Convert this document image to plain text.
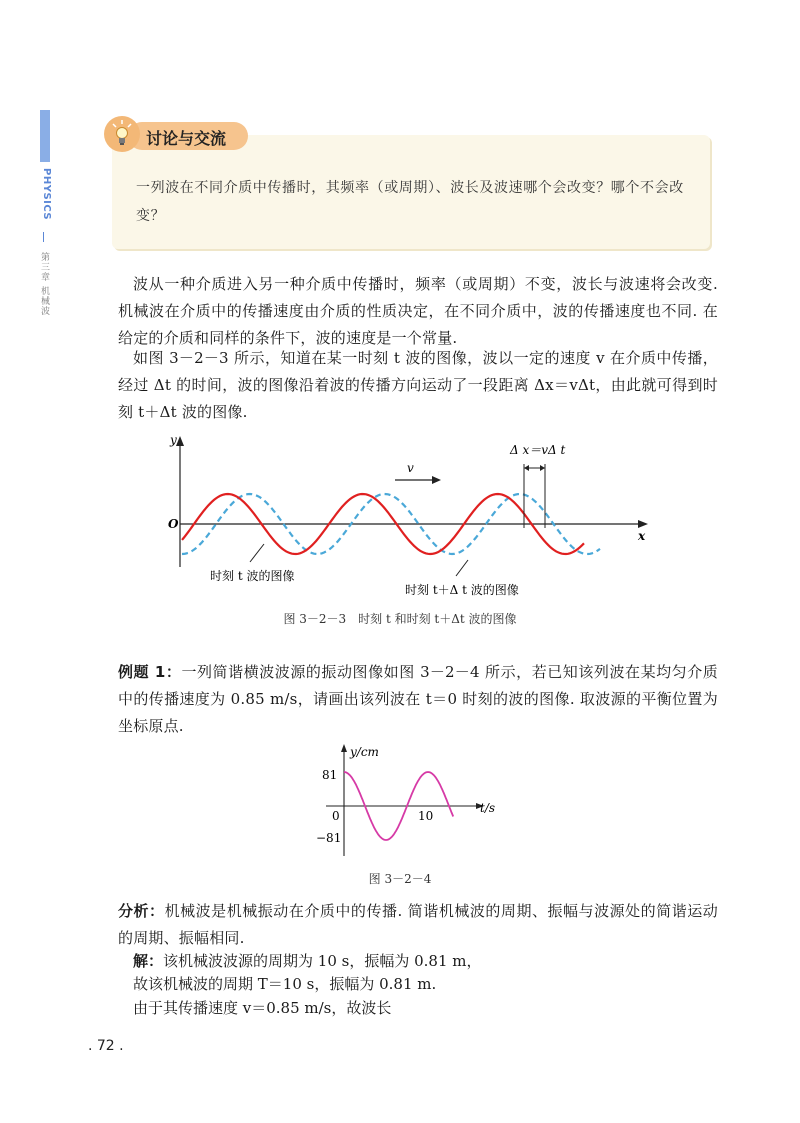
PHYSICS
第三章 机械波
讨论与交流
一列波在不同介质中传播时，其频率（或周期）、波长及波速哪个会改变？哪个不会改变？
波从一种介质进入另一种介质中传播时，频率（或周期）不变，波长与波速将会改变. 机械波在介质中的传播速度由介质的性质决定，在不同介质中，波的传播速度也不同. 在给定的介质和同样的条件下，波的速度是一个常量.
如图 3－2－3 所示，知道在某一时刻 t 波的图像，波以一定的速度 v 在介质中传播，经过 Δt 的时间，波的图像沿着波的传播方向运动了一段距离 Δx＝vΔt，由此就可得到时刻 t＋Δt 波的图像.
y
x
O
v
Δ x＝vΔ t
时刻 t 波的图像
时刻 t＋Δ t 波的图像
图 3－2－3　时刻 t 和时刻 t＋Δt 波的图像
例题 1：一列简谐横波波源的振动图像如图 3－2－4 所示，若已知该列波在某均匀介质中的传播速度为 0.85 m/s，请画出该列波在 t＝0 时刻的波的图像. 取波源的平衡位置为坐标原点.
y/cm
t/s
0
81
−81
10
图 3－2－4
分析：机械波是机械振动在介质中的传播. 简谐机械波的周期、振幅与波源处的简谐运动的周期、振幅相同.
解：该机械波波源的周期为 10 s，振幅为 0.81 m，
故该机械波的周期 T＝10 s，振幅为 0.81 m.
由于其传播速度 v＝0.85 m/s，故波长
. 72 .
